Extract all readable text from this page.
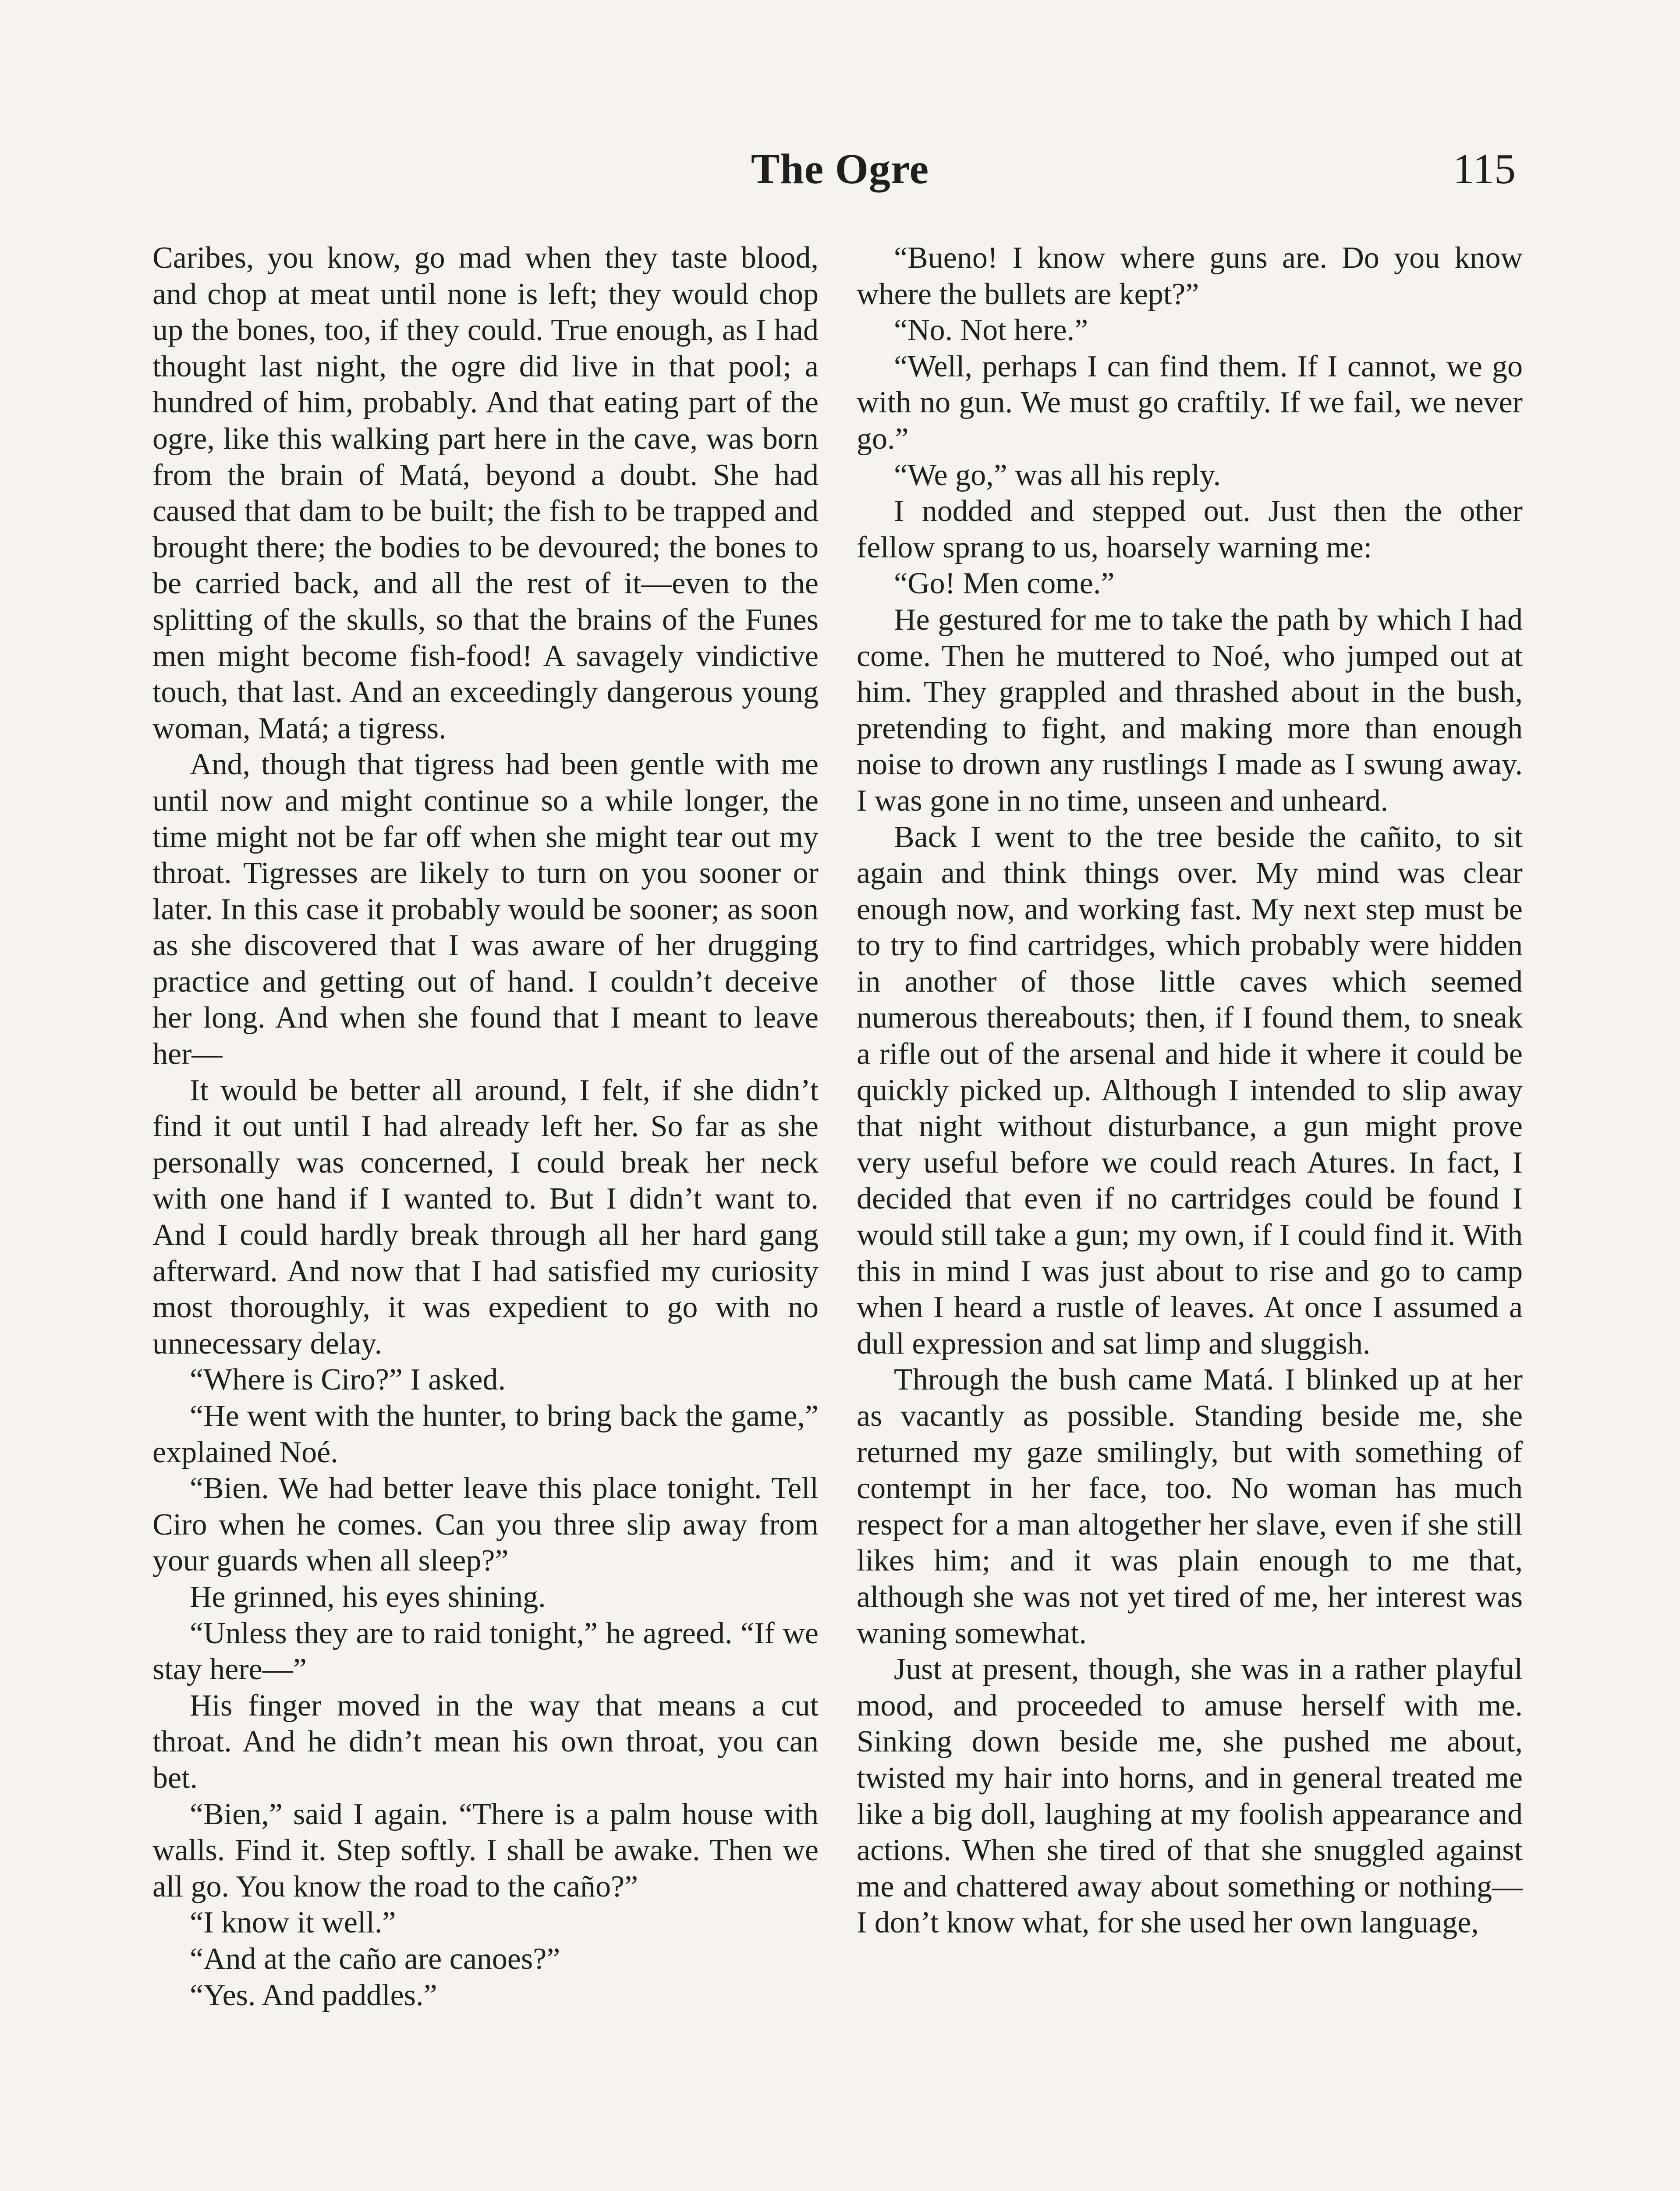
The Ogre	115

Caribes, you know, go mad when they taste blood, and chop at meat until none is left; they would chop up the bones, too, if they could. True enough, as I had thought last night, the ogre did live in that pool; a hundred of him, probably. And that eating part of the ogre, like this walking part here in the cave, was born from the brain of Matá, beyond a doubt. She had caused that dam to be built; the fish to be trapped and brought there; the bodies to be devoured; the bones to be carried back, and all the rest of it—even to the splitting of the skulls, so that the brains of the Funes men might become fish-food! A savagely vindictive touch, that last. And an exceedingly dangerous young woman, Matá; a tigress.

And, though that tigress had been gentle with me until now and might continue so a while longer, the time might not be far off when she might tear out my throat. Tigresses are likely to turn on you sooner or later. In this case it probably would be sooner; as soon as she discovered that I was aware of her drugging practice and getting out of hand. I couldn’t deceive her long. And when she found that I meant to leave her—

It would be better all around, I felt, if she didn’t find it out until I had already left her. So far as she personally was concerned, I could break her neck with one hand if I wanted to. But I didn’t want to. And I could hardly break through all her hard gang afterward. And now that I had satisfied my curiosity most thoroughly, it was expedient to go with no unnecessary delay.

“Where is Ciro?” I asked.

“He went with the hunter, to bring back the game,” explained Noé.

“Bien. We had better leave this place tonight. Tell Ciro when he comes. Can you three slip away from your guards when all sleep?”

He grinned, his eyes shining.

“Unless they are to raid tonight,” he agreed. “If we stay here—”

His finger moved in the way that means a cut throat. And he didn’t mean his own throat, you can bet.

“Bien,” said I again. “There is a palm house with walls. Find it. Step softly. I shall be awake. Then we all go. You know the road to the caño?”

“I know it well.”

“And at the caño are canoes?”

“Yes. And paddles.”

“Bueno! I know where guns are. Do you know where the bullets are kept?”

“No. Not here.”

“Well, perhaps I can find them. If I cannot, we go with no gun. We must go craftily. If we fail, we never go.”

“We go,” was all his reply.

I nodded and stepped out. Just then the other fellow sprang to us, hoarsely warning me:

“Go! Men come.”

He gestured for me to take the path by which I had come. Then he muttered to Noé, who jumped out at him. They grappled and thrashed about in the bush, pretending to fight, and making more than enough noise to drown any rustlings I made as I swung away. I was gone in no time, unseen and unheard.

Back I went to the tree beside the cañito, to sit again and think things over. My mind was clear enough now, and working fast. My next step must be to try to find cartridges, which probably were hidden in another of those little caves which seemed numerous thereabouts; then, if I found them, to sneak a rifle out of the arsenal and hide it where it could be quickly picked up. Although I intended to slip away that night without disturbance, a gun might prove very useful before we could reach Atures. In fact, I decided that even if no cartridges could be found I would still take a gun; my own, if I could find it. With this in mind I was just about to rise and go to camp when I heard a rustle of leaves. At once I assumed a dull expression and sat limp and sluggish.

Through the bush came Matá. I blinked up at her as vacantly as possible. Standing beside me, she returned my gaze smilingly, but with something of contempt in her face, too. No woman has much respect for a man altogether her slave, even if she still likes him; and it was plain enough to me that, although she was not yet tired of me, her interest was waning somewhat.

Just at present, though, she was in a rather playful mood, and proceeded to amuse herself with me. Sinking down beside me, she pushed me about, twisted my hair into horns, and in general treated me like a big doll, laughing at my foolish appearance and actions. When she tired of that she snuggled against me and chattered away about something or nothing—I don’t know what, for she used her own language,
